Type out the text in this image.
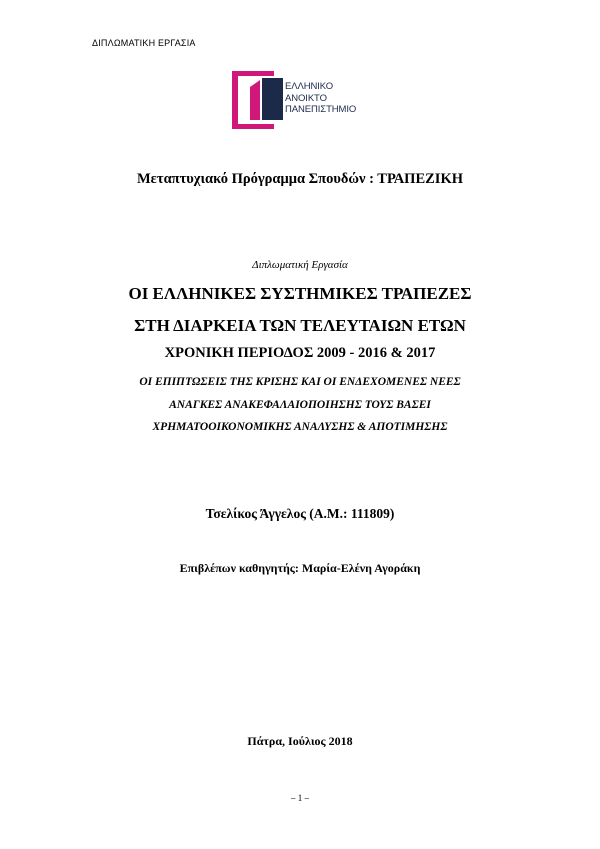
ΔΙΠΛΩΜΑΤΙΚΗ ΕΡΓΑΣΙΑ
ΕΛΛΗΝΙΚΟ
ΑΝΟΙΚΤΟ
ΠΑΝΕΠΙΣΤΗΜΙΟ
Μεταπτυχιακό Πρόγραμμα Σπουδών : ΤΡΑΠΕΖΙΚΗ
Διπλωματική Εργασία
ΟΙ ΕΛΛΗΝΙΚΕΣ ΣΥΣΤΗΜΙΚΕΣ ΤΡΑΠΕΖΕΣ
ΣΤΗ ΔΙΑΡΚΕΙΑ ΤΩΝ ΤΕΛΕΥΤΑΙΩΝ ΕΤΩΝ
ΧΡΟΝΙΚΗ ΠΕΡΙΟΔΟΣ 2009 - 2016 & 2017
ΟΙ ΕΠΙΠΤΩΣΕΙΣ ΤΗΣ ΚΡΙΣΗΣ ΚΑΙ ΟΙ ΕΝΔΕΧΟΜΕΝΕΣ ΝΕΕΣ
ΑΝΑΓΚΕΣ ΑΝΑΚΕΦΑΛΑΙΟΠΟΙΗΣΗΣ ΤΟΥΣ ΒΑΣΕΙ
ΧΡΗΜΑΤΟΟΙΚΟΝΟΜΙΚΗΣ ΑΝΑΛΥΣΗΣ & ΑΠΟΤΙΜΗΣΗΣ
Τσελίκος Άγγελος (Α.Μ.: 111809)
Επιβλέπων καθηγητής: Μαρία-Ελένη Αγοράκη
Πάτρα, Ιούλιος 2018
– 1 –
